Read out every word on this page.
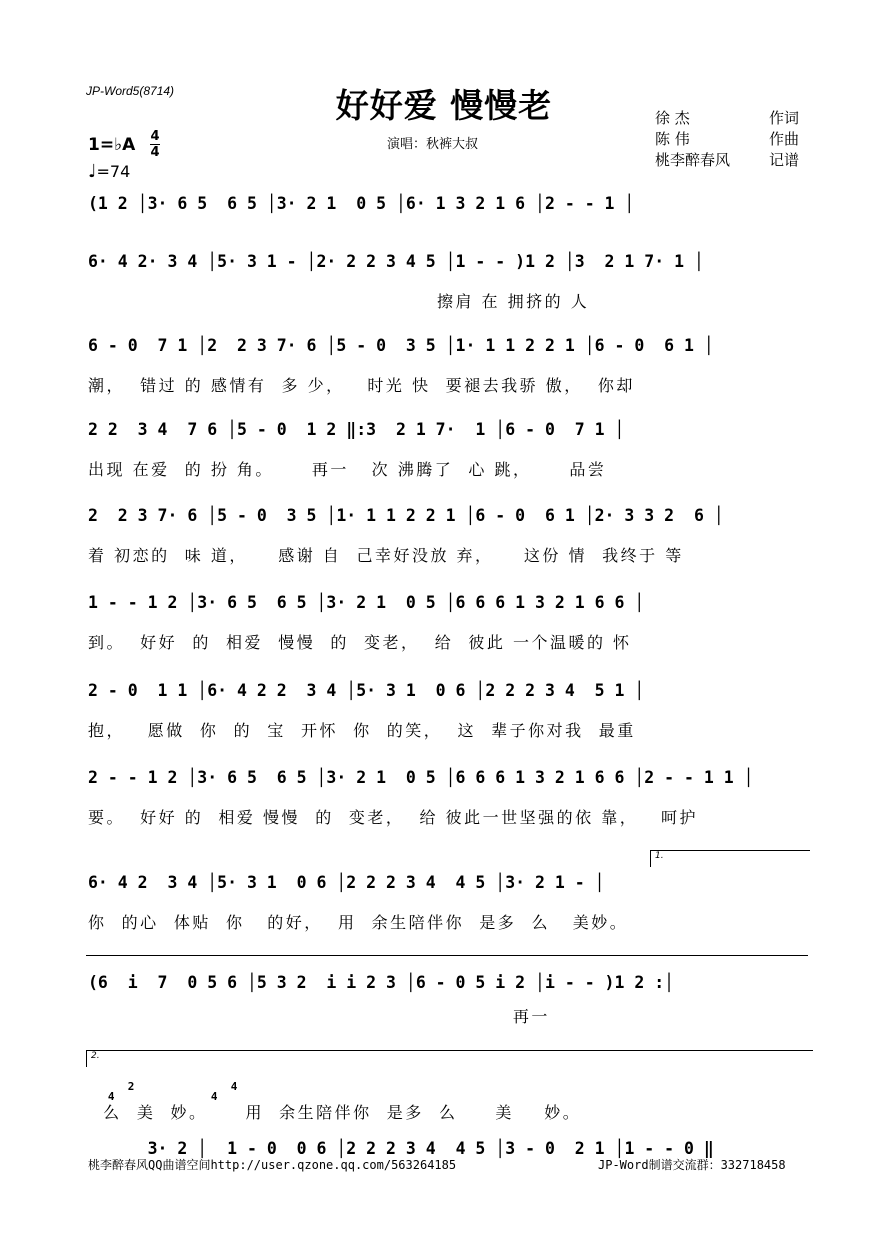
JP-Word5(8714)	好好爱 慢慢老
演唱：秋裤大叔
徐 杰	作词
陈 伟	作曲
桃李醉春风	记谱
1=♭A 4
4
♩=74
(1 2 │3· 6 5  6 5 │3· 2 1  0 5 │6· 1 3 2 1 6 │2 - - 1 │
6· 4 2· 3 4 │5· 3 1 - │2· 2 2 3 4 5 │1 - - )1 2 │3  2 1 7· 1 │
擦肩 在 拥挤的 人
6 - 0  7 1 │2  2 3 7· 6 │5 - 0  3 5 │1· 1 1 2 2 1 │6 - 0  6 1 │
潮，  错过 的 感情有  多 少，   时光 快  要褪去我骄 傲，  你却
2 2  3 4  7 6 │5 - 0  1 2 ‖:3  2 1 7·  1 │6 - 0  7 1 │
出现 在爱  的 扮 角。     再一   次 沸腾了  心 跳，     品尝
2  2 3 7· 6 │5 - 0  3 5 │1· 1 1 2 2 1 │6 - 0  6 1 │2· 3 3 2  6 │
着 初恋的  味 道，    感谢 自  己幸好没放 弃，    这份 情  我终于 等
1 - - 1 2 │3· 6 5  6 5 │3· 2 1  0 5 │6 6 6 1 3 2 1 6 6 │
到。  好好  的  相爱  慢慢  的  变老，  给  彼此 一个温暖的 怀
2 - 0  1 1 │6· 4 2 2  3 4 │5· 3 1  0 6 │2 2 2 3 4  5 1 │
抱，   愿做  你  的  宝  开怀  你  的笑，  这  辈子你对我  最重
2 - - 1 2 │3· 6 5  6 5 │3· 2 1  0 5 │6 6 6 1 3 2 1 6 6 │2 - - 1 1 │
要。  好好 的  相爱 慢慢  的  变老，  给 彼此一世坚强的依 靠，   呵护
1.
6· 4 2  3 4 │5· 3 1  0 6 │2 2 2 3 4  4 5 │3· 2 1 - │
你  的心  体贴  你   的好，  用  余生陪伴你  是多  么   美妙。
(6  i  7  0 5 6 │5 3 2  i i 2 3 │6 - 0 5 i 2 │i - - )1 2 :│
再一
2.

2
4

4
4

3· 2 │  1 - 0  0 6 │2 2 2 3 4  4 5 │3 - 0  2 1 │1 - - 0 ‖

么  美  妙。     用  余生陪伴你  是多  么     美    妙。
桃李醉春风QQ曲谱空间http://user.qzone.qq.com/563264185	JP-Word制谱交流群：332718458
